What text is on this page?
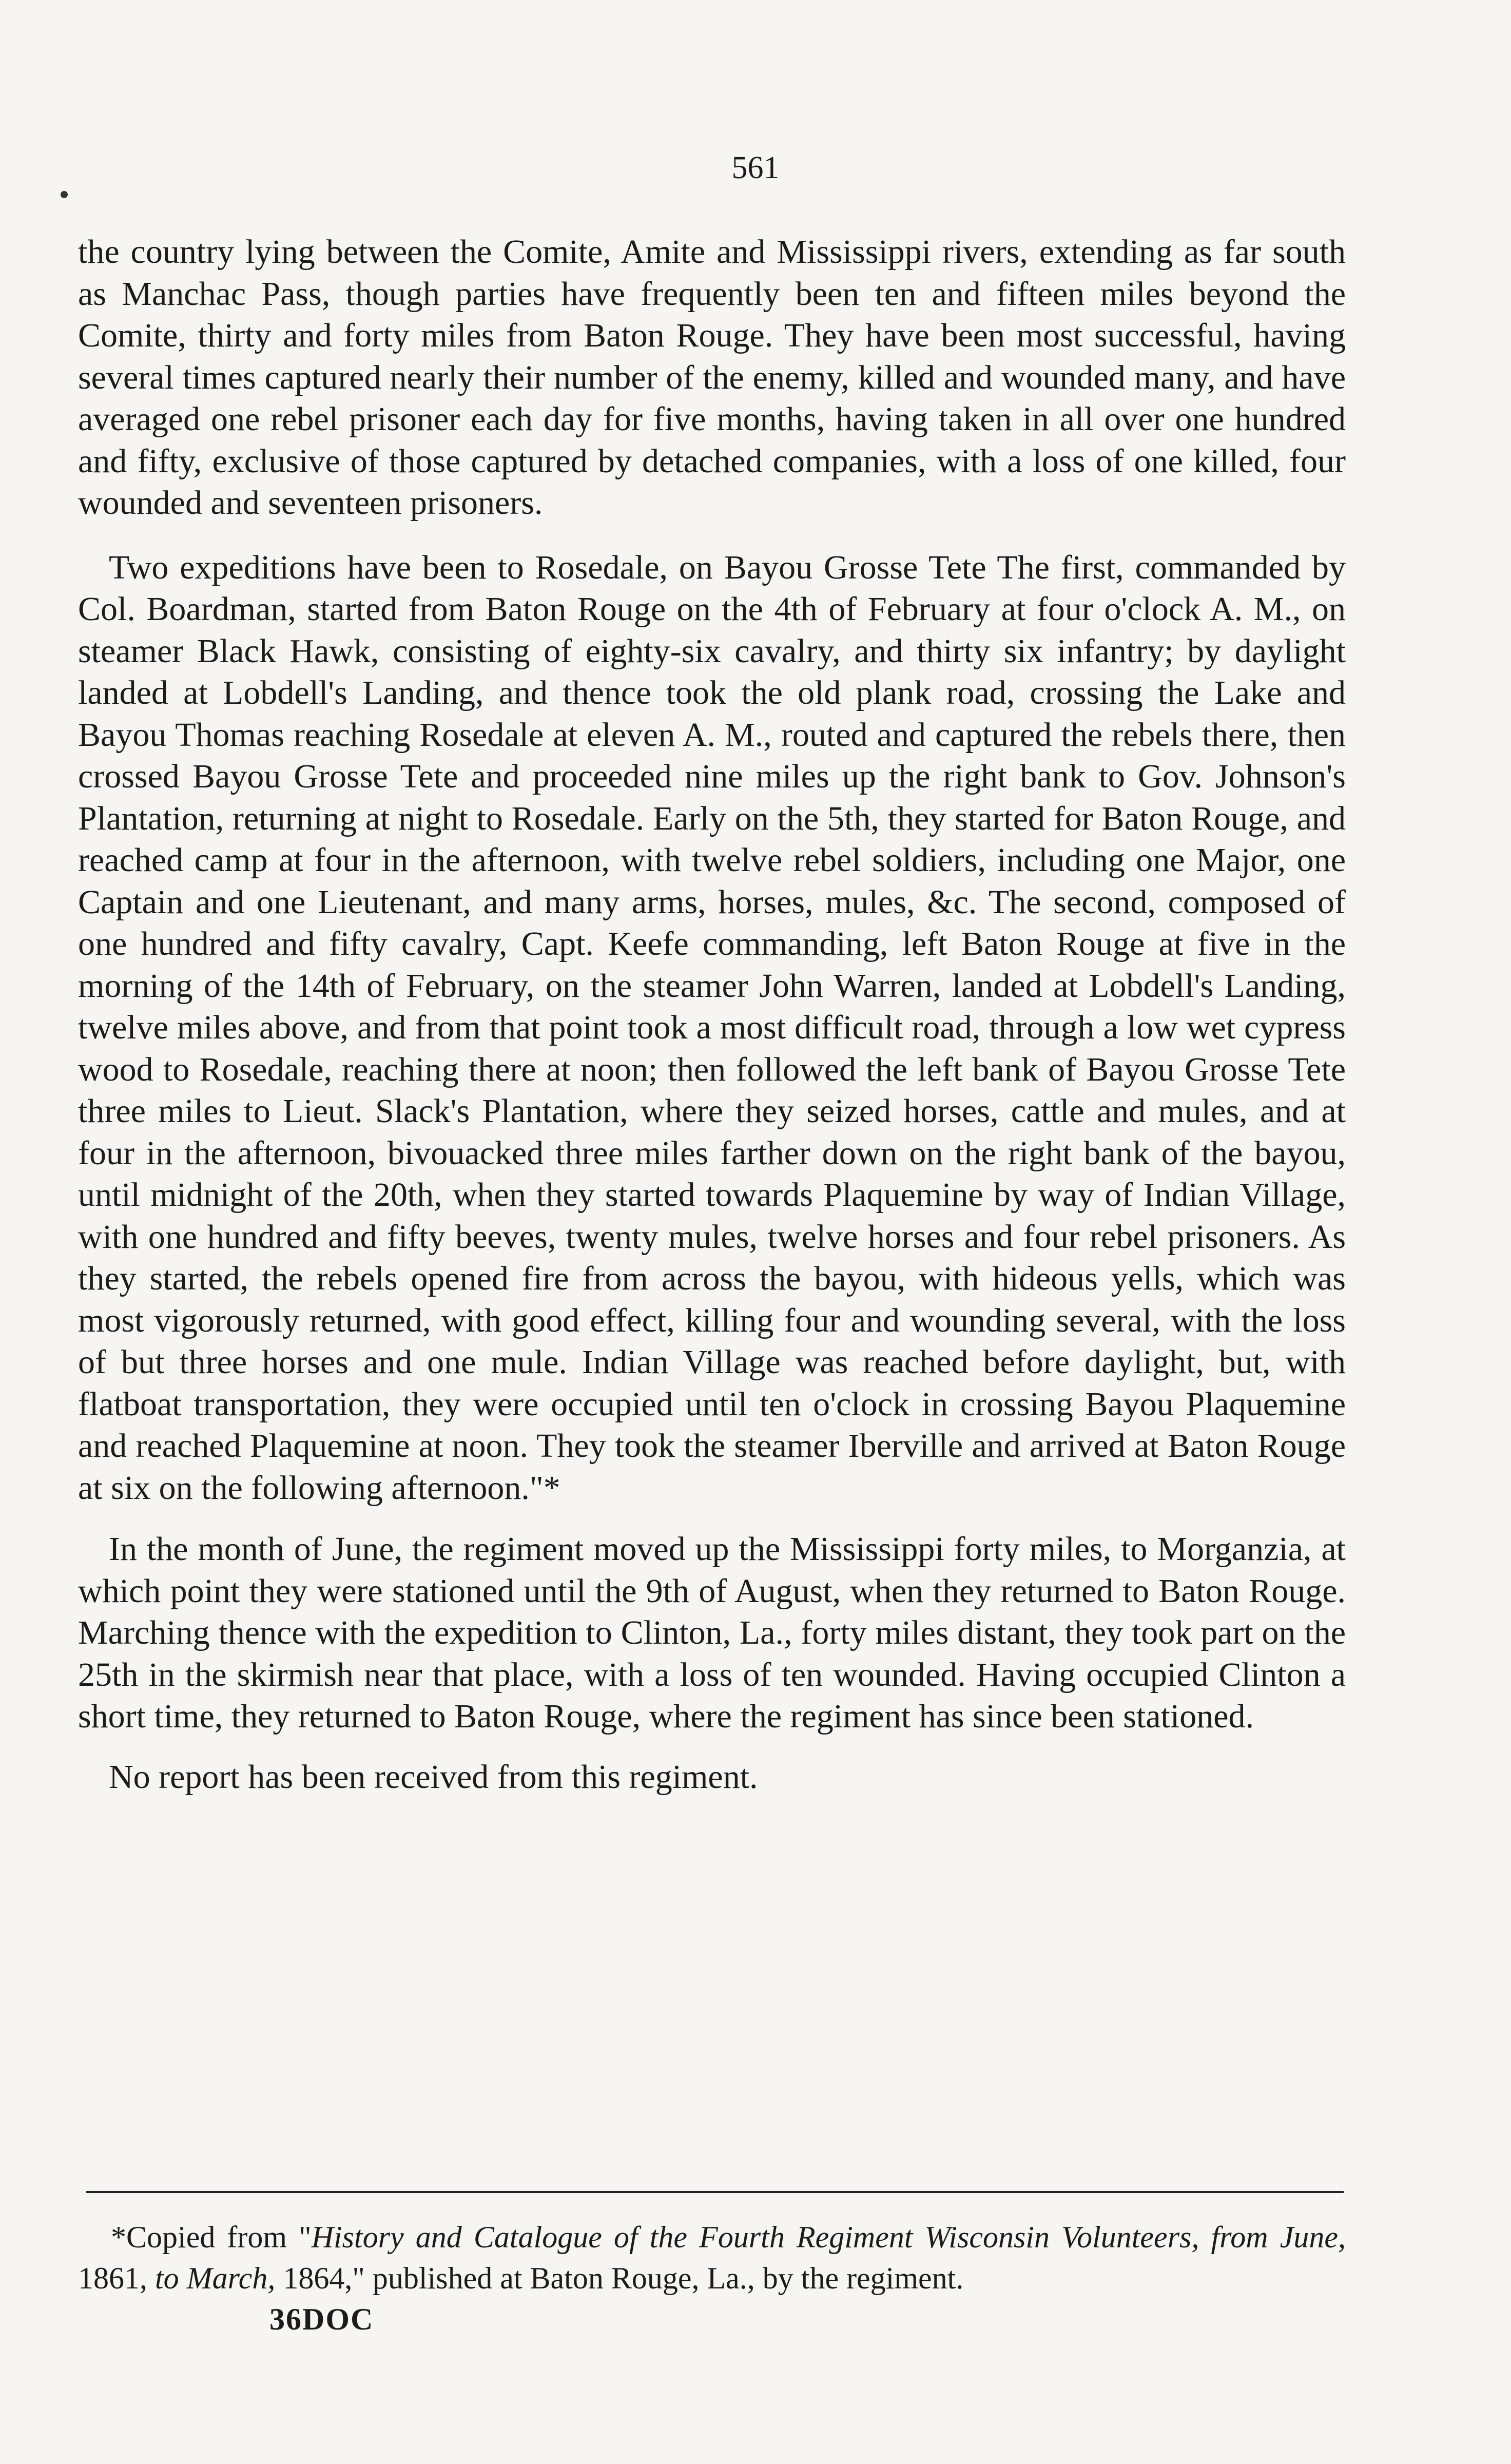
561

the country lying between the Comite, Amite and Mississippi rivers, extending as far south as Manchac Pass, though parties have frequently been ten and fifteen miles beyond the Comite, thirty and forty miles from Baton Rouge. They have been most successful, having several times captured nearly their number of the enemy, killed and wounded many, and have averaged one rebel prisoner each day for five months, having taken in all over one hundred and fifty, exclusive of those captured by detached companies, with a loss of one killed, four wounded and seventeen prisoners.

Two expeditions have been to Rosedale, on Bayou Grosse Tete The first, commanded by Col. Boardman, started from Baton Rouge on the 4th of February at four o'clock A. M., on steamer Black Hawk, consisting of eighty-six cavalry, and thirty six infantry; by daylight landed at Lobdell's Landing, and thence took the old plank road, crossing the Lake and Bayou Thomas reaching Rosedale at eleven A. M., routed and captured the rebels there, then crossed Bayou Grosse Tete and proceeded nine miles up the right bank to Gov. Johnson's Plantation, returning at night to Rosedale. Early on the 5th, they started for Baton Rouge, and reached camp at four in the afternoon, with twelve rebel soldiers, including one Major, one Captain and one Lieutenant, and many arms, horses, mules, &c. The second, composed of one hundred and fifty cavalry, Capt. Keefe commanding, left Baton Rouge at five in the morning of the 14th of February, on the steamer John Warren, landed at Lobdell's Landing, twelve miles above, and from that point took a most difficult road, through a low wet cypress wood to Rosedale, reaching there at noon; then followed the left bank of Bayou Grosse Tete three miles to Lieut. Slack's Plantation, where they seized horses, cattle and mules, and at four in the afternoon, bivouacked three miles farther down on the right bank of the bayou, until midnight of the 20th, when they started towards Plaquemine by way of Indian Village, with one hundred and fifty beeves, twenty mules, twelve horses and four rebel prisoners. As they started, the rebels opened fire from across the bayou, with hideous yells, which was most vigorously returned, with good effect, killing four and wounding several, with the loss of but three horses and one mule. Indian Village was reached before daylight, but, with flatboat transportation, they were occupied until ten o'clock in crossing Bayou Plaquemine and reached Plaquemine at noon. They took the steamer Iberville and arrived at Baton Rouge at six on the following afternoon."*

In the month of June, the regiment moved up the Mississippi forty miles, to Morganzia, at which point they were stationed until the 9th of August, when they returned to Baton Rouge. Marching thence with the expedition to Clinton, La., forty miles distant, they took part on the 25th in the skirmish near that place, with a loss of ten wounded. Having occupied Clinton a short time, they returned to Baton Rouge, where the regiment has since been stationed.

No report has been received from this regiment.

*Copied from "History and Catalogue of the Fourth Regiment Wisconsin Volunteers, from June, 1861, to March, 1864," published at Baton Rouge, La., by the regiment.
36DOC
